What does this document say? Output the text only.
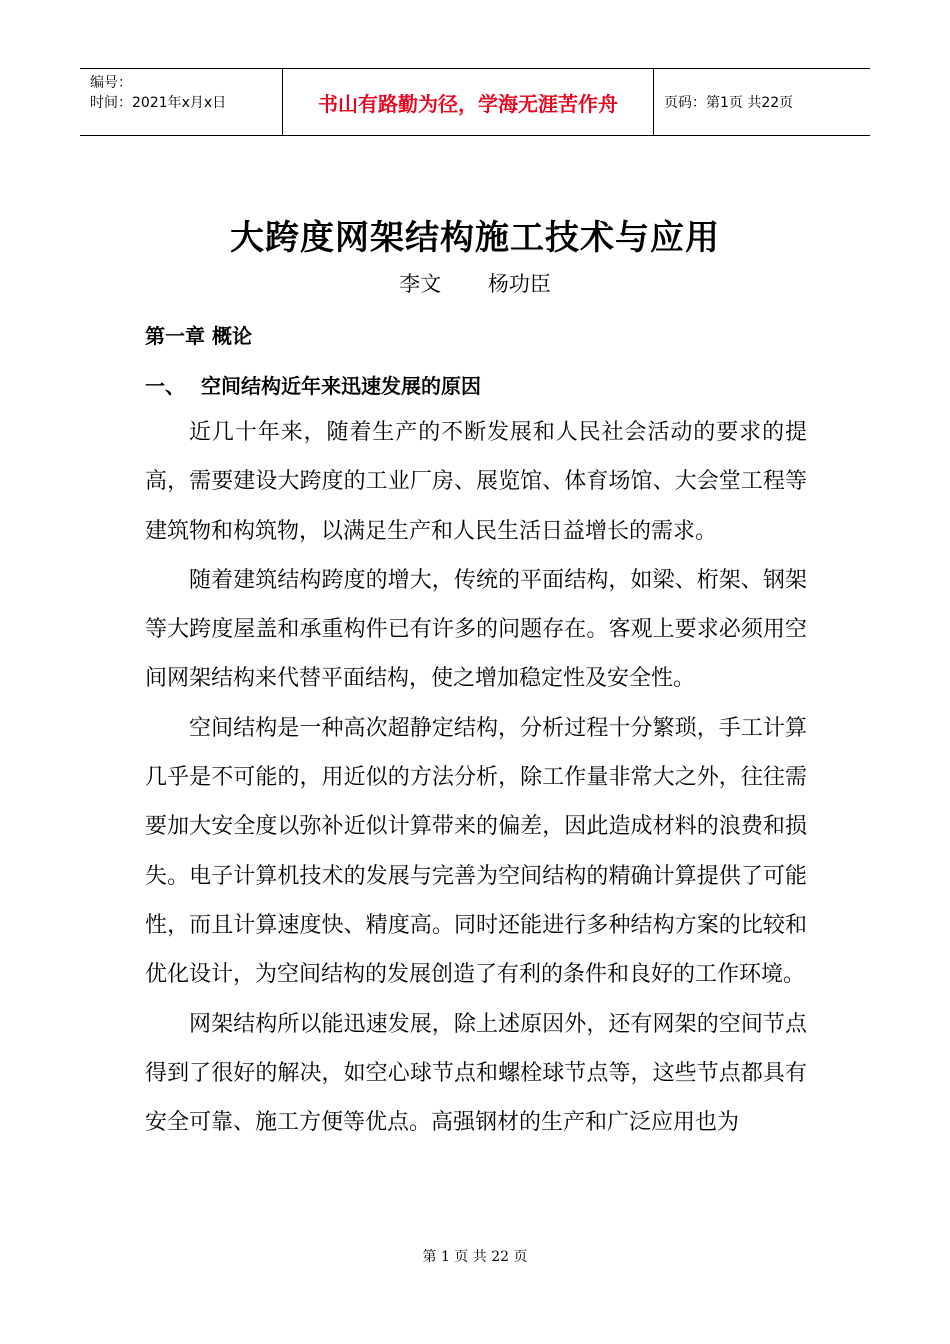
编号：
时间：2021年x月x日	书山有路勤为径，学海无涯苦作舟	页码：第1页 共22页
大跨度网架结构施工技术与应用
李文 杨功臣
第一章 概论
一、 空间结构近年来迅速发展的原因

近几十年来，随着生产的不断发展和人民社会活动的要求的提高，需要建设大跨度的工业厂房、展览馆、体育场馆、大会堂工程等建筑物和构筑物，以满足生产和人民生活日益增长的需求。

随着建筑结构跨度的增大，传统的平面结构，如梁、桁架、钢架等大跨度屋盖和承重构件已有许多的问题存在。客观上要求必须用空间网架结构来代替平面结构，使之增加稳定性及安全性。

空间结构是一种高次超静定结构，分析过程十分繁琐，手工计算几乎是不可能的，用近似的方法分析，除工作量非常大之外，往往需要加大安全度以弥补近似计算带来的偏差，因此造成材料的浪费和损失。电子计算机技术的发展与完善为空间结构的精确计算提供了可能性，而且计算速度快、精度高。同时还能进行多种结构方案的比较和优化设计，为空间结构的发展创造了有利的条件和良好的工作环境。

网架结构所以能迅速发展，除上述原因外，还有网架的空间节点得到了很好的解决，如空心球节点和螺栓球节点等，这些节点都具有安全可靠、施工方便等优点。高强钢材的生产和广泛应用也为

第 1 页 共 22 页
